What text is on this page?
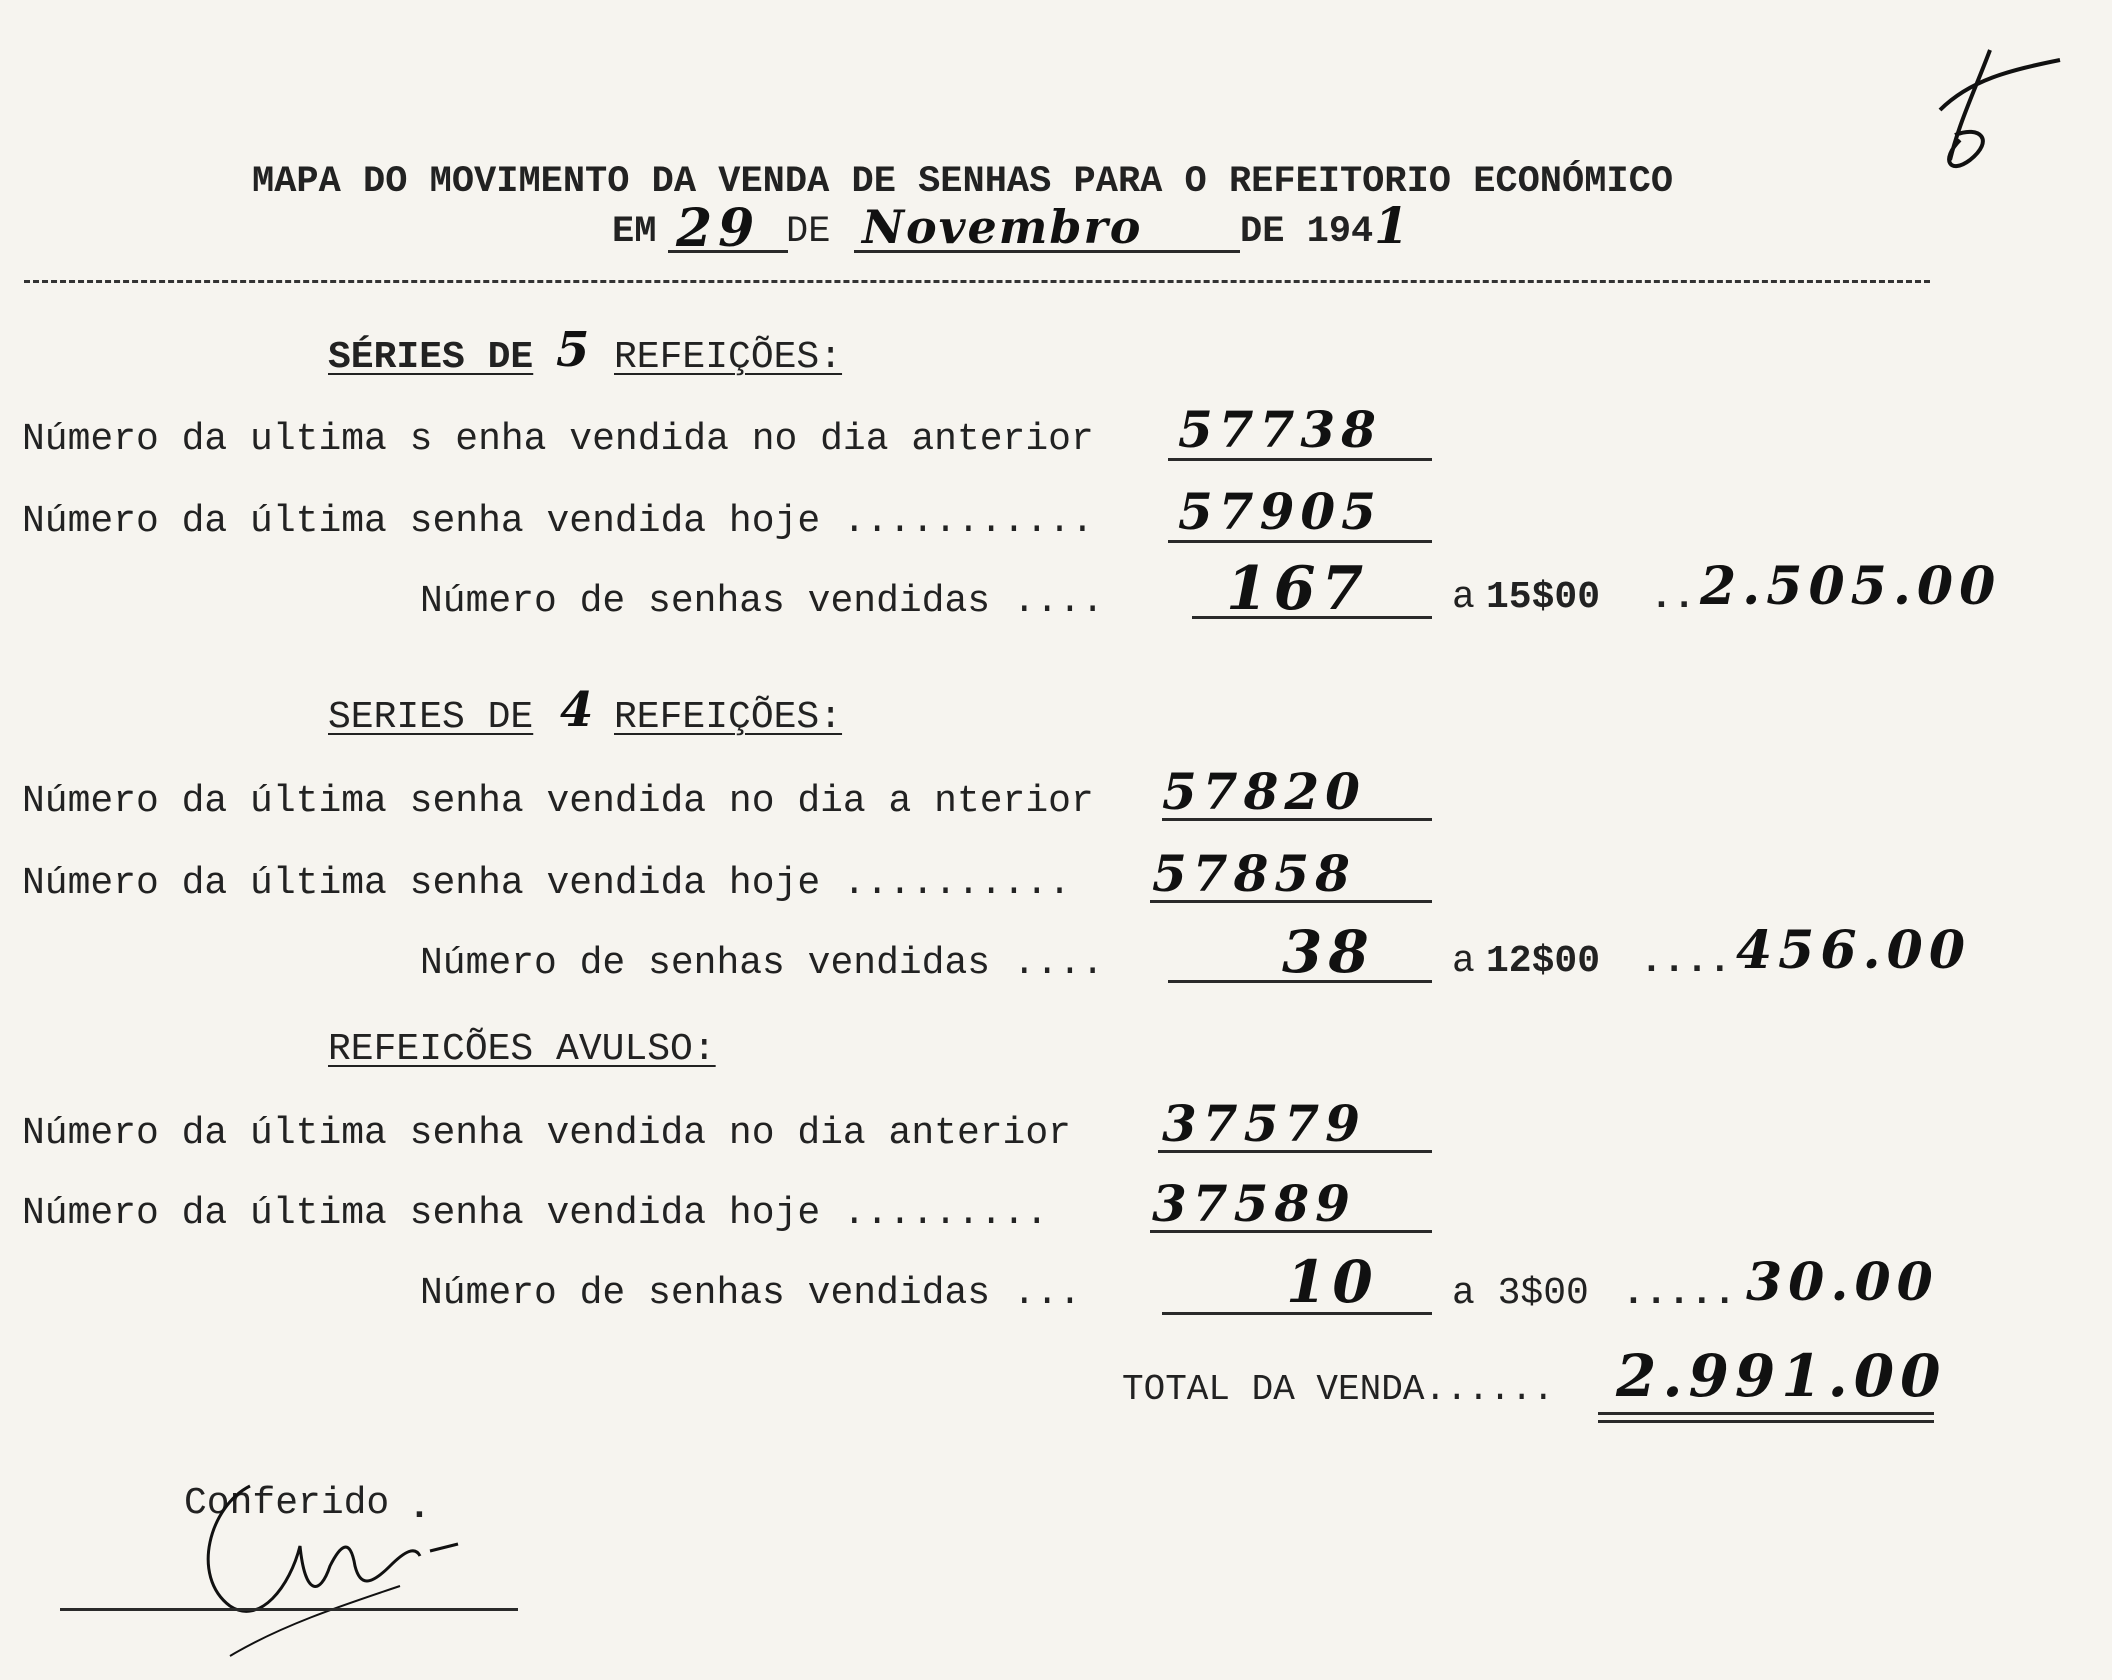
MAPA DO MOVIMENTO DA VENDA DE SENHAS PARA O REFEITORIO ECONÓMICO
EM 29 DE Novembro	DE 194 1
SÉRIES DE 5 REFEIÇÕES:
Número da ultima s enha vendida no dia anterior 57738
Número da última senha vendida hoje ........... 57905
Número de senhas vendidas .... 167 a 15$00 .. 2.505.00
SERIES DE 4 REFEIÇÕES:
Número da última senha vendida no dia a nterior 57820
Número da última senha vendida hoje .......... 57858
Número de senhas vendidas ....	38 a 12$00 .... 456.00
REFEICÕES AVULSO:
Número da última senha vendida no dia anterior 37579
Número da última senha vendida hoje ......... 37589
Número de senhas vendidas ...	10 a 3$00 ..... 30.00
TOTAL DA VENDA...... 2.991.00
Conferido .
